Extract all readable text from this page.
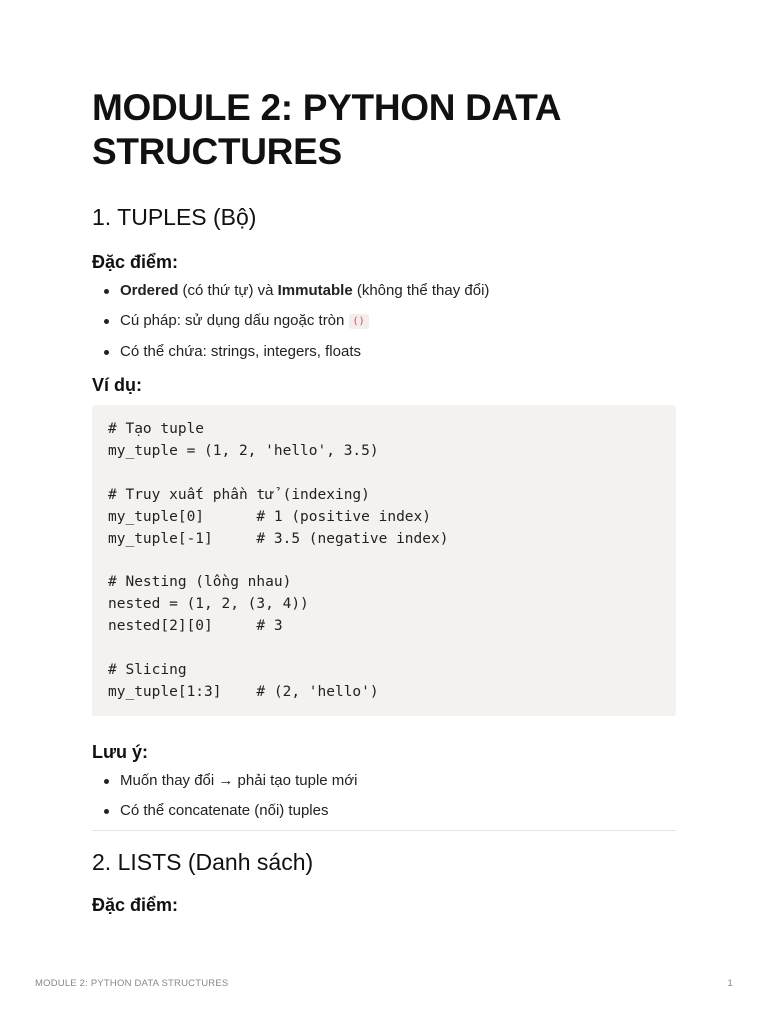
MODULE 2: PYTHON DATA STRUCTURES
1. TUPLES (Bộ)
Đặc điểm:
Ordered (có thứ tự) và Immutable (không thể thay đổi)
Cú pháp: sử dụng dấu ngoặc tròn ()
Có thể chứa: strings, integers, floats
Ví dụ:
# Tạo tuple
my_tuple = (1, 2, 'hello', 3.5)

# Truy xuất phần tử (indexing)
my_tuple[0]      # 1 (positive index)
my_tuple[-1]     # 3.5 (negative index)

# Nesting (lồng nhau)
nested = (1, 2, (3, 4))
nested[2][0]     # 3

# Slicing
my_tuple[1:3]    # (2, 'hello')
Lưu ý:
Muốn thay đổi → phải tạo tuple mới
Có thể concatenate (nối) tuples
2. LISTS (Danh sách)
Đặc điểm:
MODULE 2: PYTHON DATA STRUCTURES	1
